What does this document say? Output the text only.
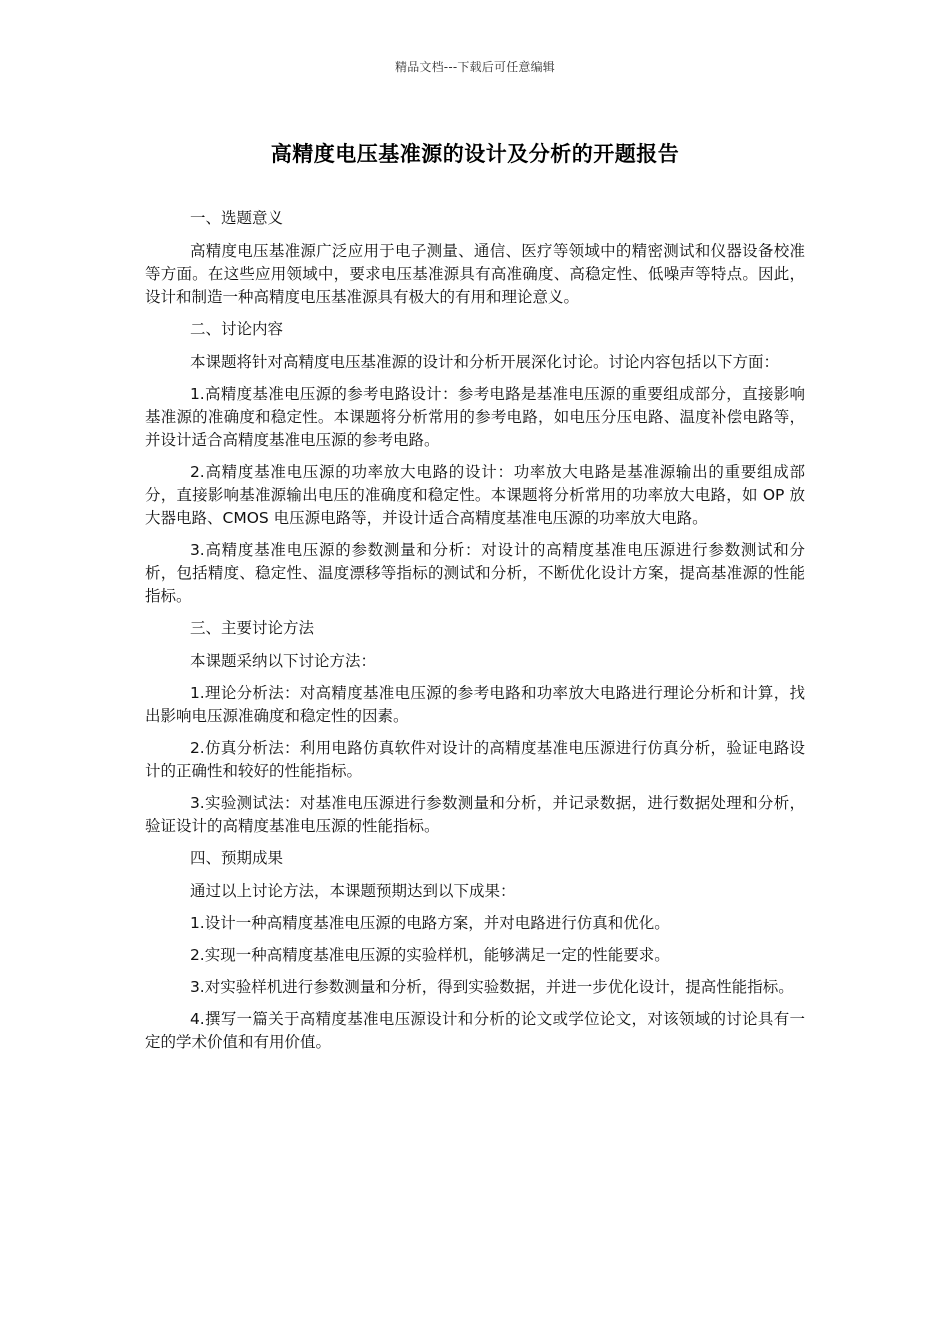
精品文档---下载后可任意编辑
高精度电压基准源的设计及分析的开题报告

一、选题意义

高精度电压基准源广泛应用于电子测量、通信、医疗等领域中的精密测试和仪器设备校准等方面。在这些应用领域中，要求电压基准源具有高准确度、高稳定性、低噪声等特点。因此，设计和制造一种高精度电压基准源具有极大的有用和理论意义。

二、讨论内容

本课题将针对高精度电压基准源的设计和分析开展深化讨论。讨论内容包括以下方面：

1.高精度基准电压源的参考电路设计：参考电路是基准电压源的重要组成部分，直接影响基准源的准确度和稳定性。本课题将分析常用的参考电路，如电压分压电路、温度补偿电路等，并设计适合高精度基准电压源的参考电路。

2.高精度基准电压源的功率放大电路的设计：功率放大电路是基准源输出的重要组成部分，直接影响基准源输出电压的准确度和稳定性。本课题将分析常用的功率放大电路，如 OP 放大器电路、CMOS 电压源电路等，并设计适合高精度基准电压源的功率放大电路。

3.高精度基准电压源的参数测量和分析：对设计的高精度基准电压源进行参数测试和分析，包括精度、稳定性、温度漂移等指标的测试和分析，不断优化设计方案，提高基准源的性能指标。

三、主要讨论方法

本课题采纳以下讨论方法：

1.理论分析法：对高精度基准电压源的参考电路和功率放大电路进行理论分析和计算，找出影响电压源准确度和稳定性的因素。

2.仿真分析法：利用电路仿真软件对设计的高精度基准电压源进行仿真分析，验证电路设计的正确性和较好的性能指标。

3.实验测试法：对基准电压源进行参数测量和分析，并记录数据，进行数据处理和分析，验证设计的高精度基准电压源的性能指标。

四、预期成果

通过以上讨论方法，本课题预期达到以下成果：

1.设计一种高精度基准电压源的电路方案，并对电路进行仿真和优化。

2.实现一种高精度基准电压源的实验样机，能够满足一定的性能要求。

3.对实验样机进行参数测量和分析，得到实验数据，并进一步优化设计，提高性能指标。

4.撰写一篇关于高精度基准电压源设计和分析的论文或学位论文，对该领域的讨论具有一定的学术价值和有用价值。
